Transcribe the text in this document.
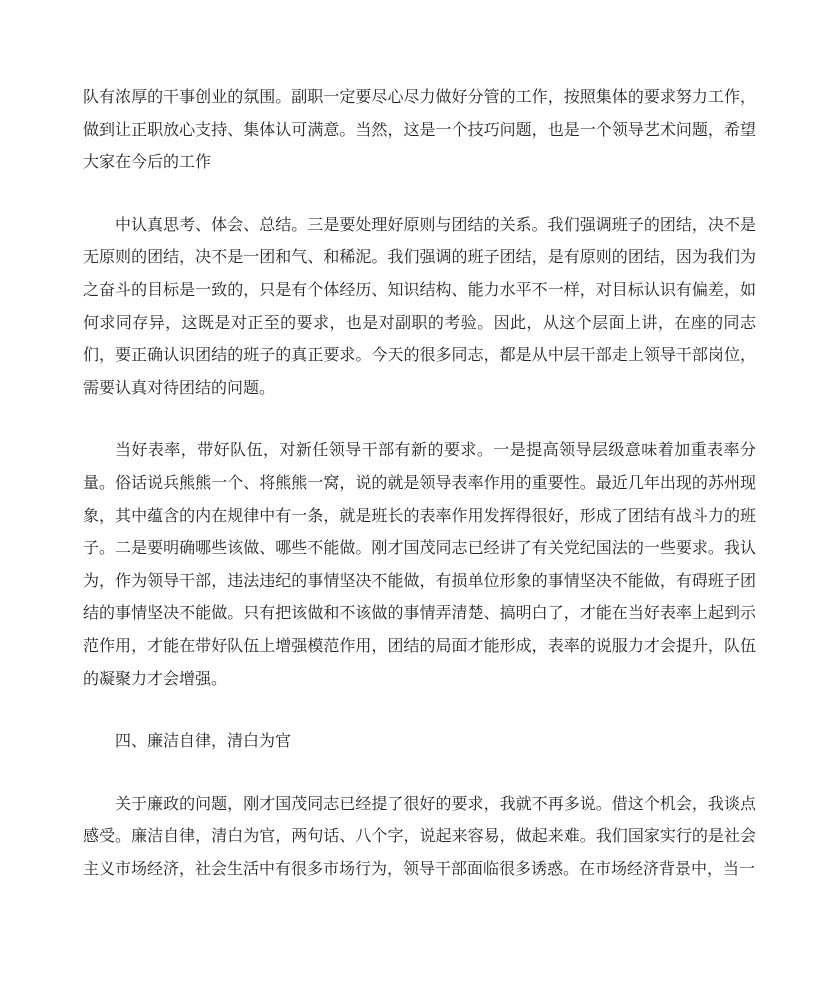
队有浓厚的干事创业的氛围。副职一定要尽心尽力做好分管的工作，按照集体的要求努力工作，做到让正职放心支持、集体认可满意。当然，这是一个技巧问题，也是一个领导艺术问题，希望大家在今后的工作

中认真思考、体会、总结。三是要处理好原则与团结的关系。我们强调班子的团结，决不是无原则的团结，决不是一团和气、和稀泥。我们强调的班子团结，是有原则的团结，因为我们为之奋斗的目标是一致的，只是有个体经历、知识结构、能力水平不一样，对目标认识有偏差，如何求同存异，这既是对正至的要求，也是对副职的考验。因此，从这个层面上讲，在座的同志们，要正确认识团结的班子的真正要求。今天的很多同志，都是从中层干部走上领导干部岗位，需要认真对待团结的问题。

当好表率，带好队伍，对新任领导干部有新的要求。一是提高领导层级意味着加重表率分量。俗话说兵熊熊一个、将熊熊一窝，说的就是领导表率作用的重要性。最近几年出现的苏州现象，其中蕴含的内在规律中有一条，就是班长的表率作用发挥得很好，形成了团结有战斗力的班子。二是要明确哪些该做、哪些不能做。刚才国茂同志已经讲了有关党纪国法的一些要求。我认为，作为领导干部，违法违纪的事情坚决不能做，有损单位形象的事情坚决不能做，有碍班子团结的事情坚决不能做。只有把该做和不该做的事情弄清楚、搞明白了，才能在当好表率上起到示范作用，才能在带好队伍上增强模范作用，团结的局面才能形成，表率的说服力才会提升，队伍的凝聚力才会增强。

四、廉洁自律，清白为官

关于廉政的问题，刚才国茂同志已经提了很好的要求，我就不再多说。借这个机会，我谈点感受。廉洁自律，清白为官，两句话、八个字，说起来容易，做起来难。我们国家实行的是社会主义市场经济，社会生活中有很多市场行为，领导干部面临很多诱惑。在市场经济背景中，当一
